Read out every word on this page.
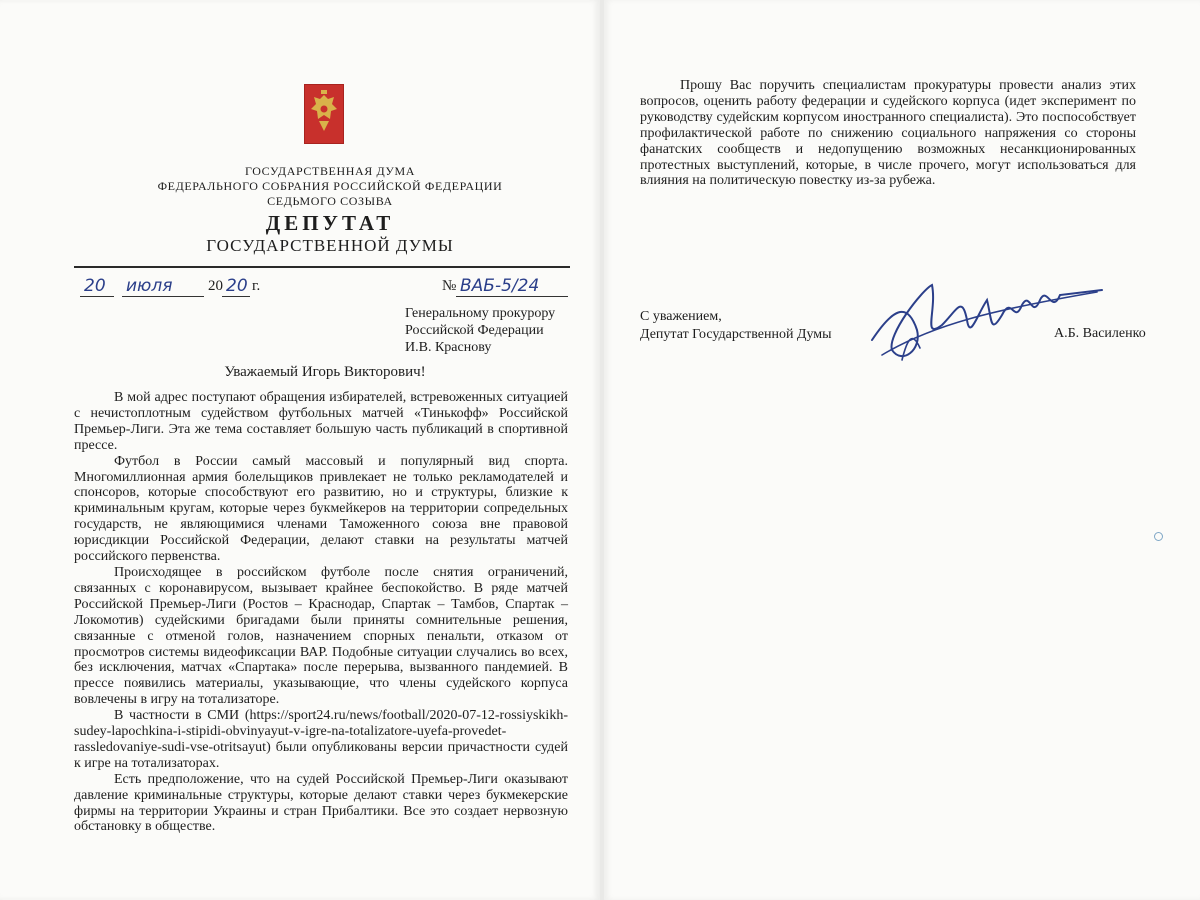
ГОСУДАРСТВЕННАЯ ДУМА
ФЕДЕРАЛЬНОГО СОБРАНИЯ РОССИЙСКОЙ ФЕДЕРАЦИИ
СЕДЬМОГО СОЗЫВА
ДЕПУТАТ
ГОСУДАРСТВЕННОЙ ДУМЫ
20 июля 20 20 г.	№ ВАБ-5/24
Генеральному прокурору
Российской Федерации
И.В. Краснову
Уважаемый Игорь Викторович!

В мой адрес поступают обращения избирателей, встревоженных ситуацией с нечистоплотным судейством футбольных матчей «Тинькофф» Российской Премьер-Лиги. Эта же тема составляет большую часть публикаций в спортивной прессе.

Футбол в России самый массовый и популярный вид спорта. Многомиллионная армия болельщиков привлекает не только рекламодателей и спонсоров, которые способствуют его развитию, но и структуры, близкие к криминальным кругам, которые через букмейкеров на территории сопредельных государств, не являющимися членами Таможенного союза вне правовой юрисдикции Российской Федерации, делают ставки на результаты матчей российского первенства.

Происходящее в российском футболе после снятия ограничений, связанных с коронавирусом, вызывает крайнее беспокойство. В ряде матчей Российской Премьер-Лиги (Ростов – Краснодар, Спартак – Тамбов, Спартак – Локомотив) судейскими бригадами были приняты сомнительные решения, связанные с отменой голов, назначением спорных пенальти, отказом от просмотров системы видеофиксации ВАР. Подобные ситуации случались во всех, без исключения, матчах «Спартака» после перерыва, вызванного пандемией. В прессе появились материалы, указывающие, что члены судейского корпуса вовлечены в игру на тотализаторе.

В частности в СМИ (https://sport24.ru/news/football/2020-07-12-rossiyskikh-sudey-lapochkina-i-stipidi-obvinyayut-v-igre-na-totalizatore-uyefa-provedet-rassledovaniye-sudi-vse-otritsayut) были опубликованы версии причастности судей к игре на тотализаторах.

Есть предположение, что на судей Российской Премьер-Лиги оказывают давление криминальные структуры, которые делают ставки через букмекерские фирмы на территории Украины и стран Прибалтики. Все это создает нервозную обстановку в обществе.

Прошу Вас поручить специалистам прокуратуры провести анализ этих вопросов, оценить работу федерации и судейского корпуса (идет эксперимент по руководству судейским корпусом иностранного специалиста). Это поспособствует профилактической работе по снижению социального напряжения со стороны фанатских сообществ и недопущению возможных несанкционированных протестных выступлений, которые, в числе прочего, могут использоваться для влияния на политическую повестку из-за рубежа.

С уважением,
Депутат Государственной Думы	А.Б. Василенко
